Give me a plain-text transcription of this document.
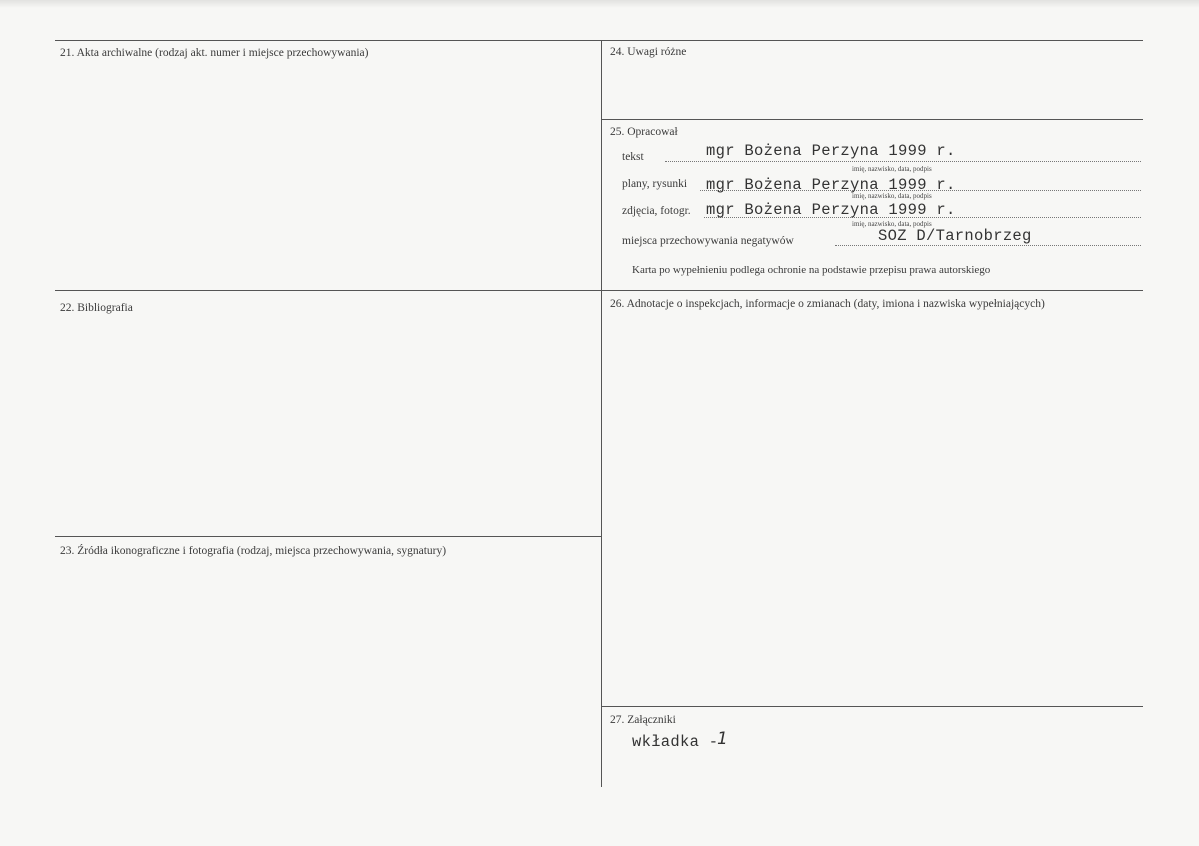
21. Akta archiwalne (rodzaj akt. numer i miejsce przechowywania)	24. Uwagi różne
25. Opracował
tekst	mgr Bożena Perzyna 1999 r.
imię, nazwisko, data, podpis
plany, rysunki mgr Bożena Perzyna 1999 r.
imię, nazwisko, data, podpis
zdjęcia, fotogr. mgr Bożena Perzyna 1999 r.
imię, nazwisko, data, podpis
miejsca przechowywania negatywów	SOZ D/Tarnobrzeg
Karta po wypełnieniu podlega ochronie na podstawie przepisu prawa autorskiego
22. Bibliografia	26. Adnotacje o inspekcjach, informacje o zmianach (daty, imiona i nazwiska wypełniających)
23. Źródła ikonograficzne i fotografia (rodzaj, miejsca przechowywania, sygnatury)
27. Załączniki
wkładka -
1
